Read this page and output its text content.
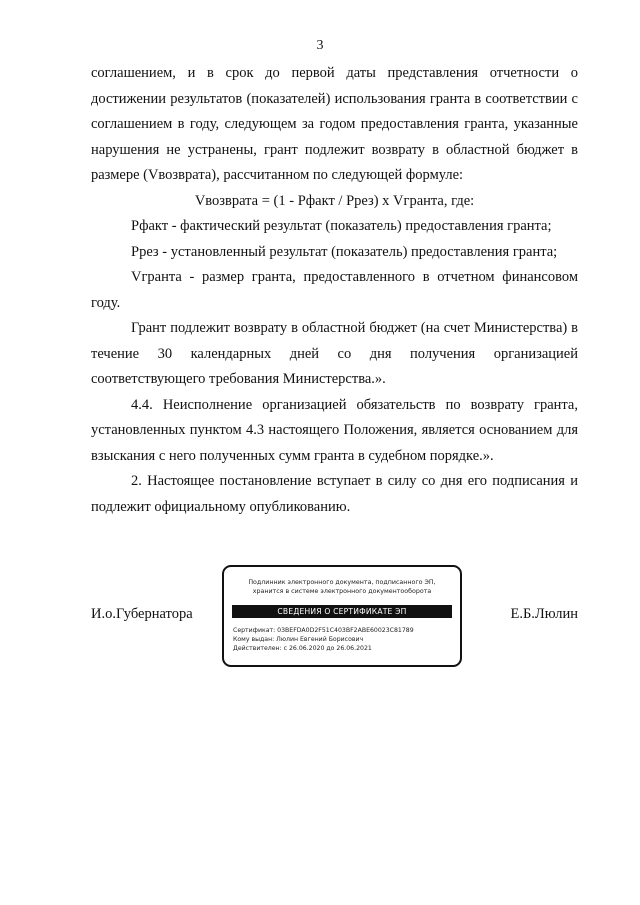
3

соглашением, и в срок до первой даты представления отчетности о достижении результатов (показателей) использования гранта в соответствии с соглашением в году, следующем за годом предоставления гранта, указанные нарушения не устранены, грант подлежит возврату в областной бюджет в размере (Vвозврата), рассчитанном по следующей формуле:

Vвозврата = (1 - Рфакт / Ррез) х Vгранта, где:

Рфакт - фактический результат (показатель) предоставления гранта;

Ррез - установленный результат (показатель) предоставления гранта;

Vгранта - размер гранта, предоставленного в отчетном финансовом году.

Грант подлежит возврату в областной бюджет (на счет Министерства) в течение 30 календарных дней со дня получения организацией соответствующего требования Министерства.».

4.4. Неисполнение организацией обязательств по возврату гранта, установленных пунктом 4.3 настоящего Положения, является основанием для взыскания с него полученных сумм гранта в судебном порядке.».

2. Настоящее постановление вступает в силу со дня его подписания и подлежит официальному опубликованию.

И.о.Губернатора	Е.Б.Люлин
Подлинник электронного документа, подписанного ЭП,
хранится в системе электронного документооборота
СВЕДЕНИЯ О СЕРТИФИКАТЕ ЭП
Сертификат: 03BEFDA0D2F51C403BF2ABE60023C81789
Кому выдан: Люлин Евгений Борисович
Действителен: с 26.06.2020 до 26.06.2021
